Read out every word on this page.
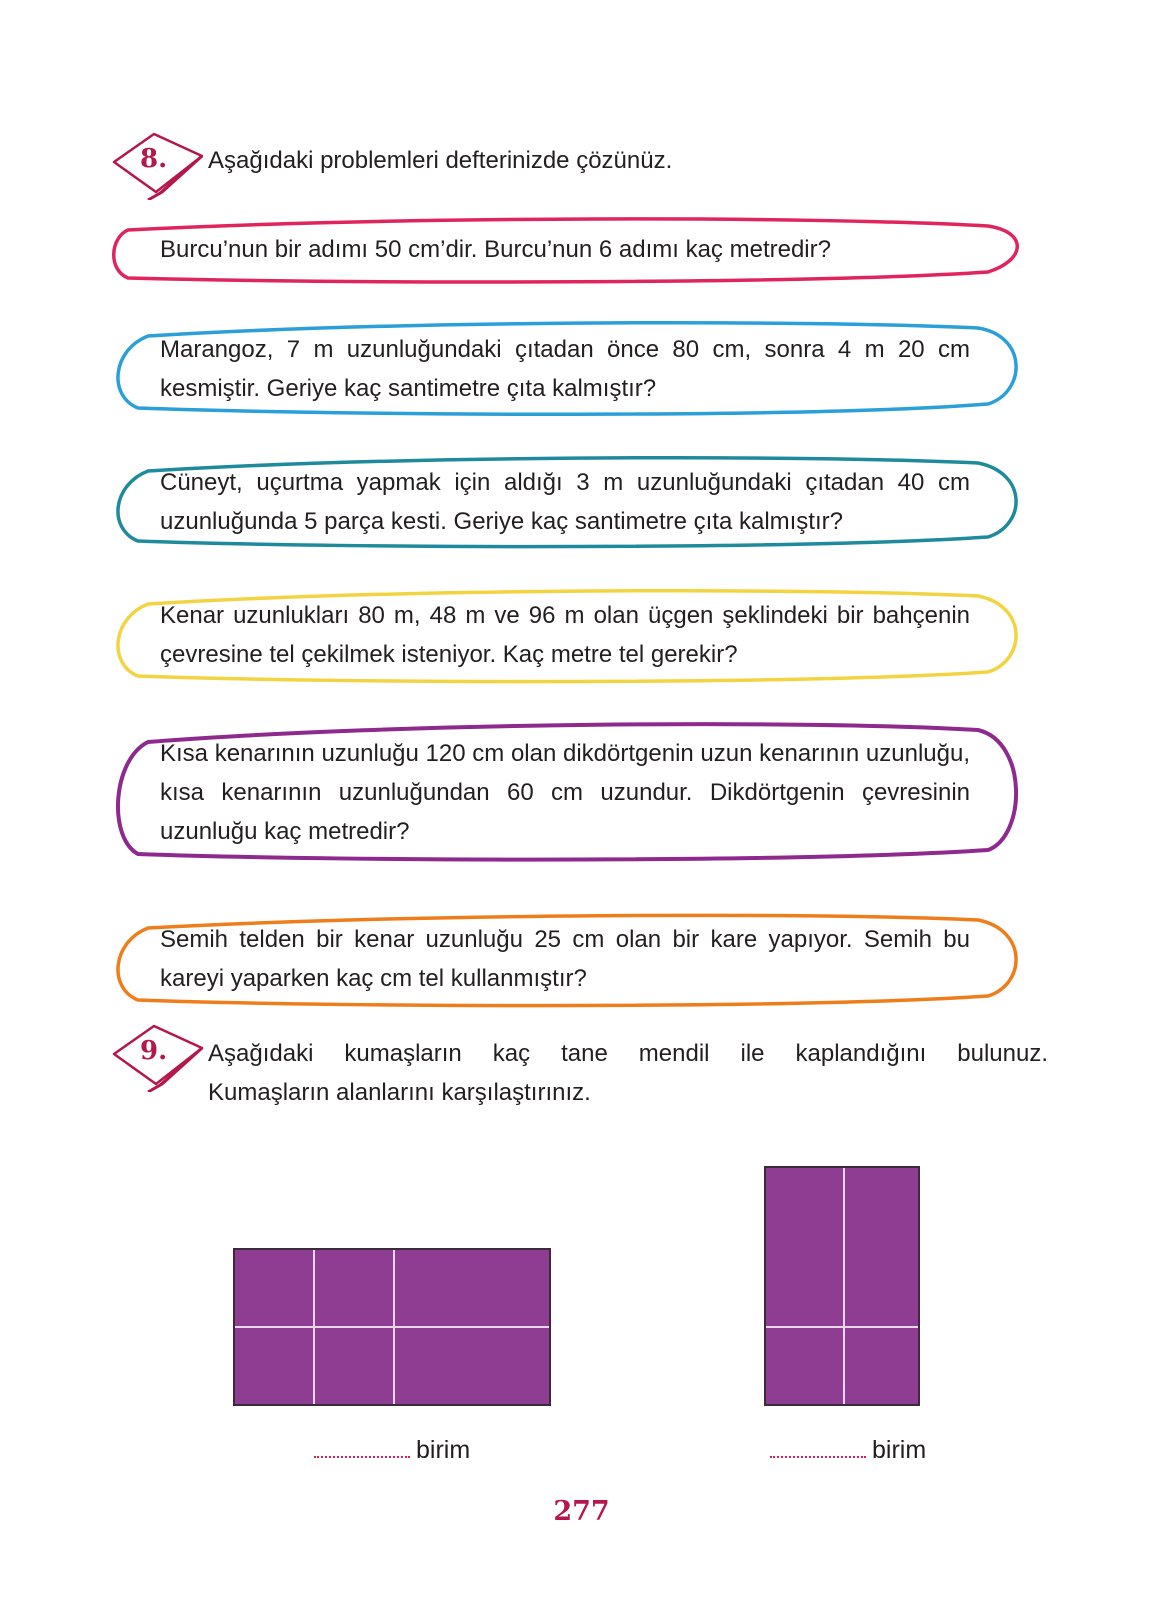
8. Aşağıdaki problemleri defterinizde çözünüz.
Burcu’nun bir adımı 50 cm’dir. Burcu’nun 6 adımı kaç metredir?
Marangoz, 7 m uzunluğundaki çıtadan önce 80 cm, sonra 4 m 20 cm kesmiştir. Geriye kaç santimetre çıta kalmıştır?
Cüneyt, uçurtma yapmak için aldığı 3 m uzunluğundaki çıtadan 40 cm uzunluğunda 5 parça kesti. Geriye kaç santimetre çıta kalmıştır?
Kenar uzunlukları 80 m, 48 m ve 96 m olan üçgen şeklindeki bir bahçenin çevresine tel çekilmek isteniyor. Kaç metre tel gerekir?
Kısa kenarının uzunluğu 120 cm olan dikdörtgenin uzun kenarının uzunluğu, kısa kenarının uzunluğundan 60 cm uzundur. Dikdörtgenin çevresinin uzunluğu kaç metredir?
Semih telden bir kenar uzunluğu 25 cm olan bir kare yapıyor. Semih bu kareyi yaparken kaç cm tel kullanmıştır?
9. Aşağıdaki kumaşların kaç tane mendil ile kaplandığını bulunuz.
Kumaşların alanlarını karşılaştırınız.
birim	birim
277
